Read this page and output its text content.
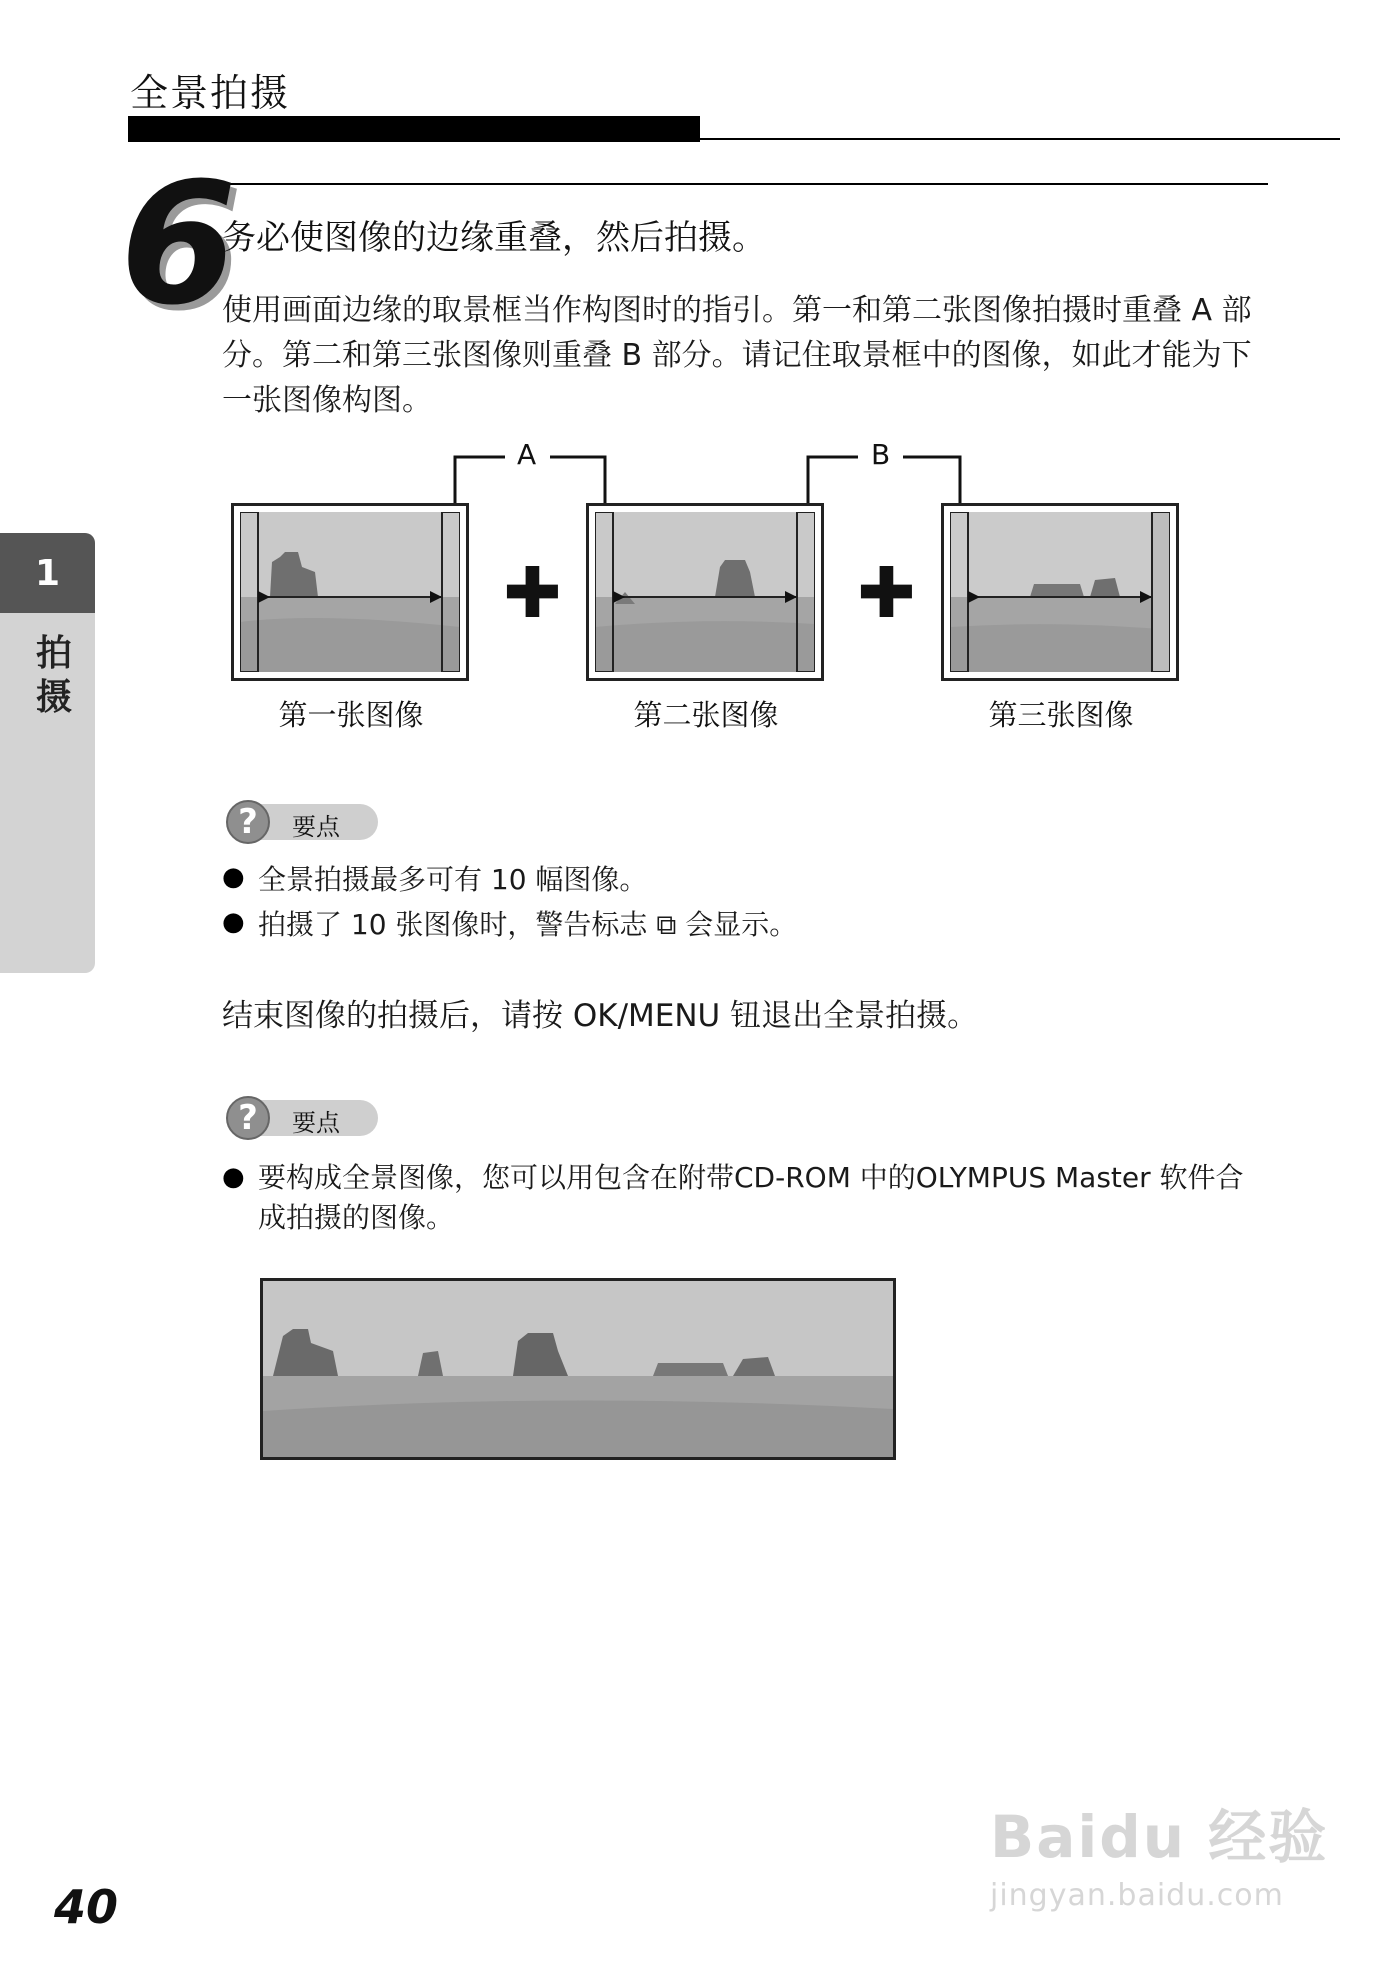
全景拍摄
1
拍摄
6
务必使图像的边缘重叠，然后拍摄。
使用画面边缘的取景框当作构图时的指引。第一和第二张图像拍摄时重叠 A 部分。第二和第三张图像则重叠 B 部分。请记住取景框中的图像，如此才能为下一张图像构图。
A	B
第一张图像
✚
第二张图像
✚
第三张图像
?	要点
● 全景拍摄最多可有 10 幅图像。
● 拍摄了 10 张图像时，警告标志 ⧉ 会显示。
结束图像的拍摄后，请按 OK/MENU 钮退出全景拍摄。
?	要点
● 要构成全景图像，您可以用包含在附带CD-ROM 中的OLYMPUS Master 软件合成拍摄的图像。
40
Baidu 经验
jingyan.baidu.com
